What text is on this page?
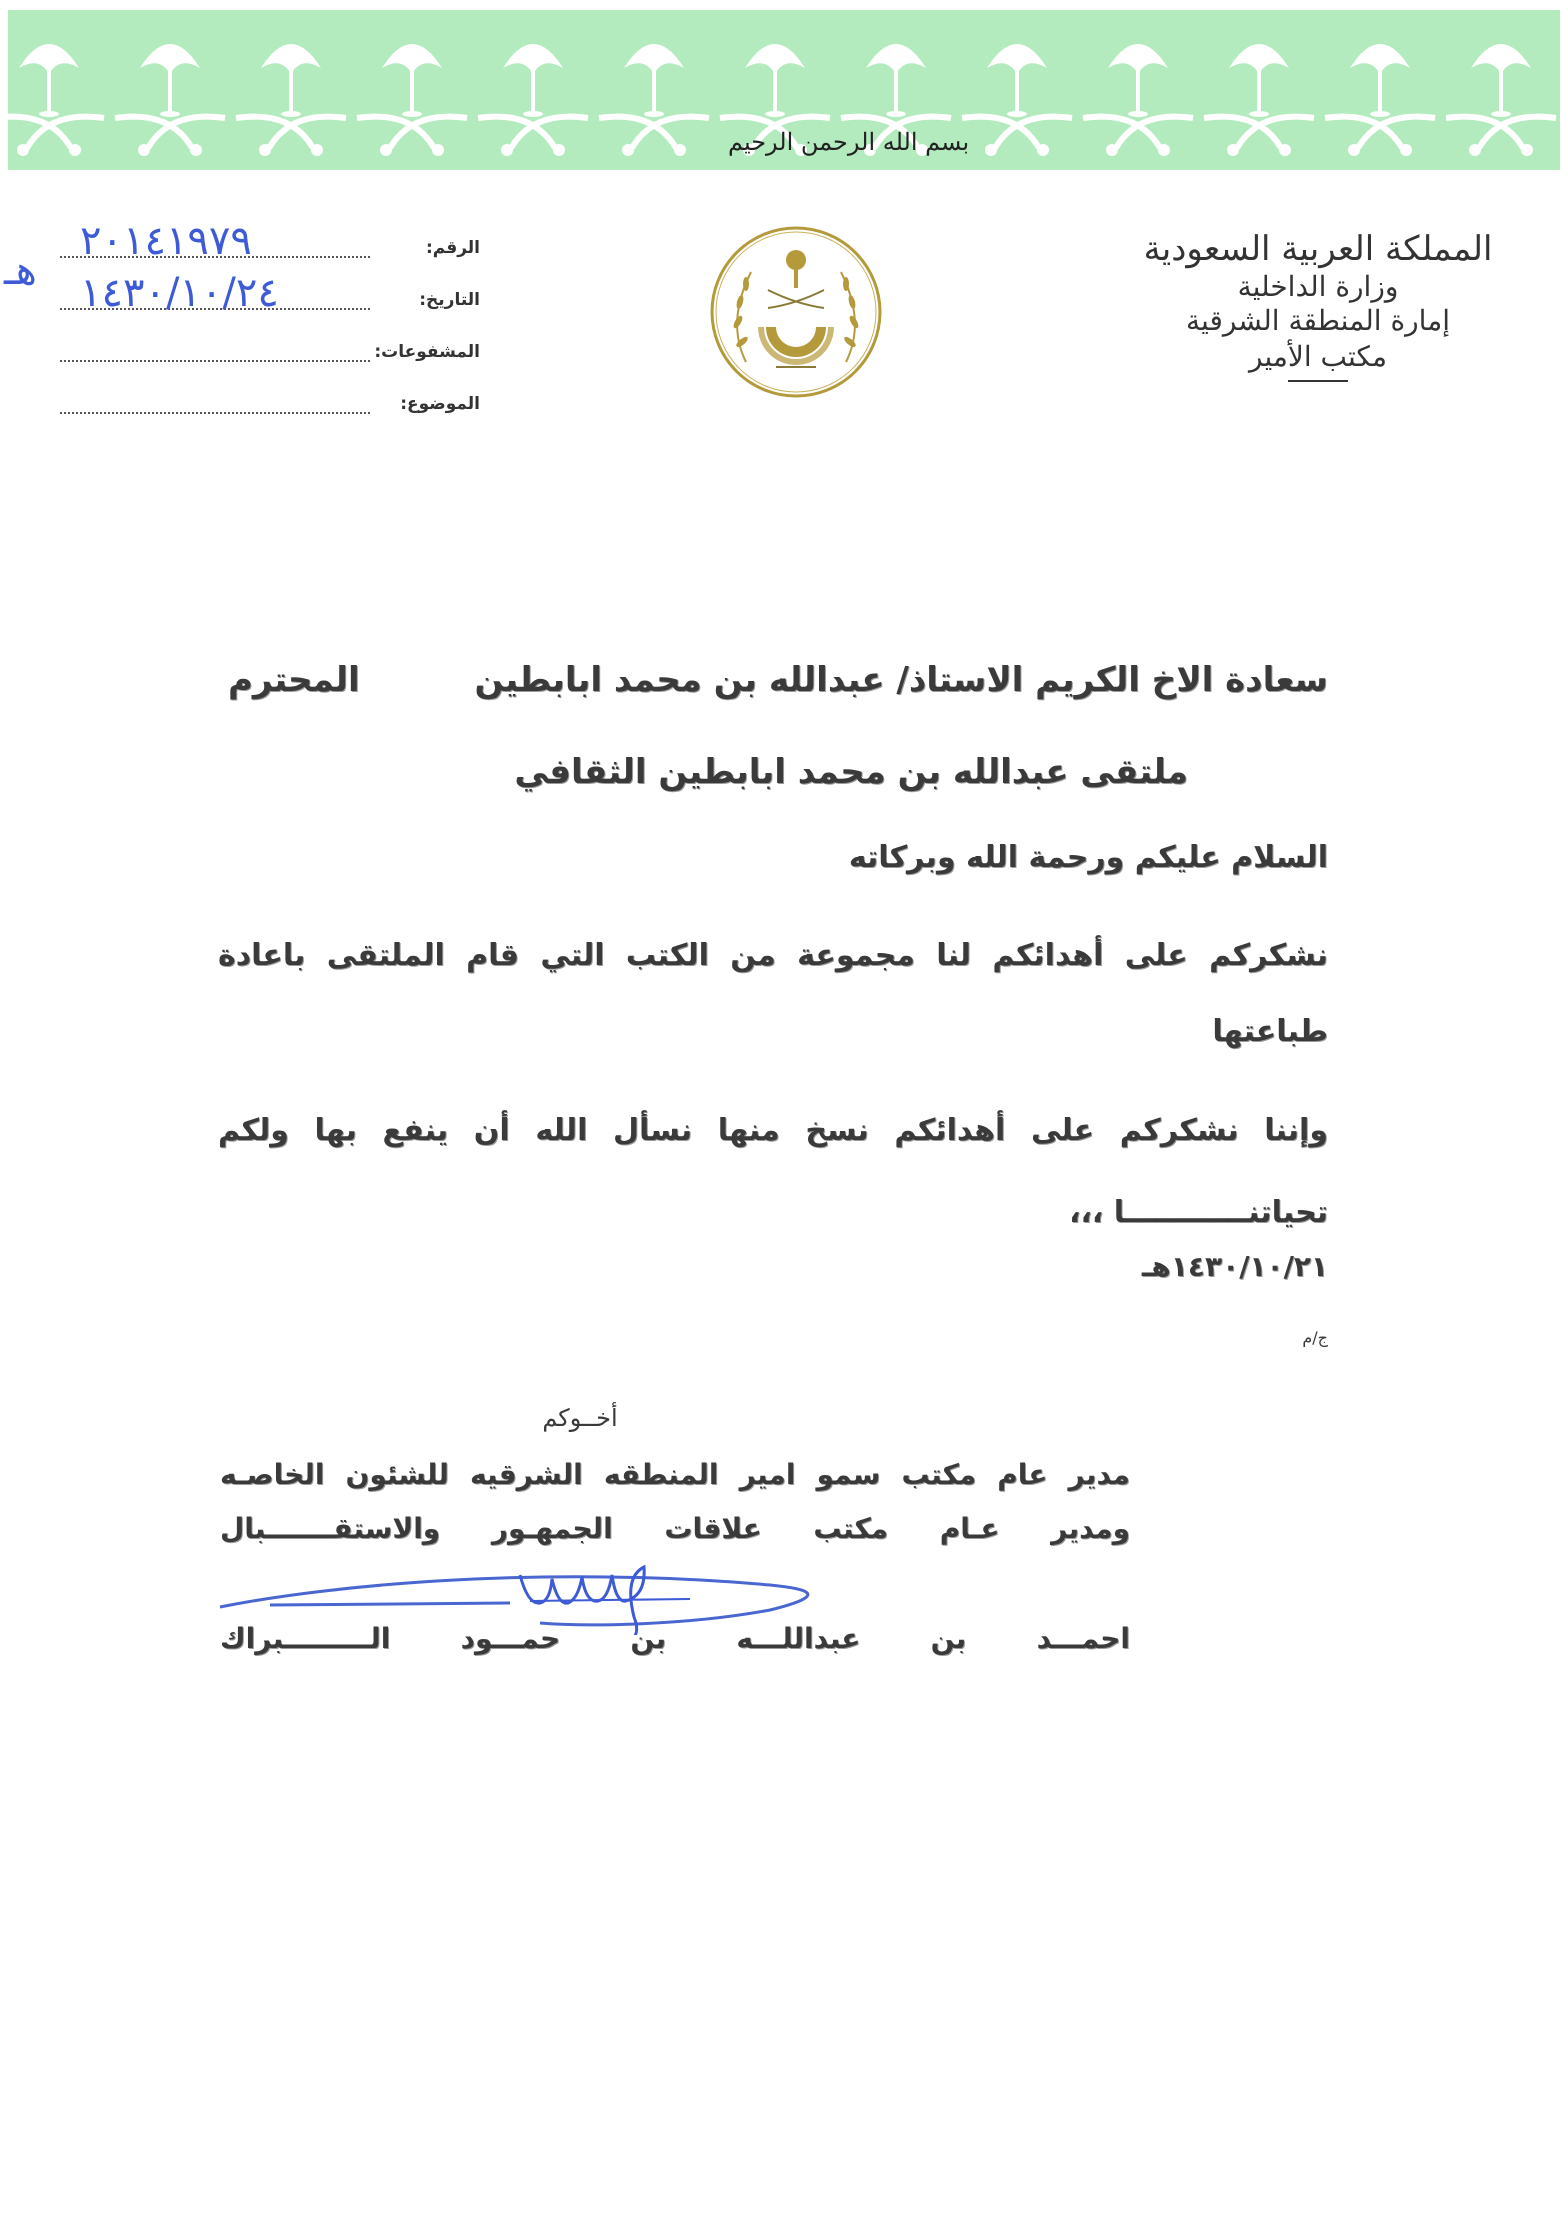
بسم الله الرحمن الرحيم
المملكة العربية السعودية
وزارة الداخلية
إمارة المنطقة الشرقية
مكتب الأمير
هـ	الرقم:
٢٠١٤١٩٧٩
التاريخ:
١٤٣٠/١٠/٢٤
المشفوعات:
الموضوع:
سعادة الاخ الكريم الاستاذ/ عبدالله بن محمد ابابطين
المحترم
ملتقى عبدالله بن محمد ابابطين الثقافي
السلام عليكم ورحمة الله وبركاته
نشكركم على أهدائكم لنا مجموعة من الكتب التي قام الملتقى باعادة طباعتها
وإننا نشكركم على أهدائكم نسخ منها نسأل الله أن ينفع بها ولكم تحياتنــــــــــــا ،،،
١٤٣٠/١٠/٢١هـ
ج/م
أخــوكم
مدير عام مكتب سمو امير المنطقه الشرقيه للشئون الخاصـه
ومدير عـام مكتب علاقات الجمهـور والاستقـــــــبال
احمـــد بن عبداللـــه بن حمـــود الـــــــــبراك
